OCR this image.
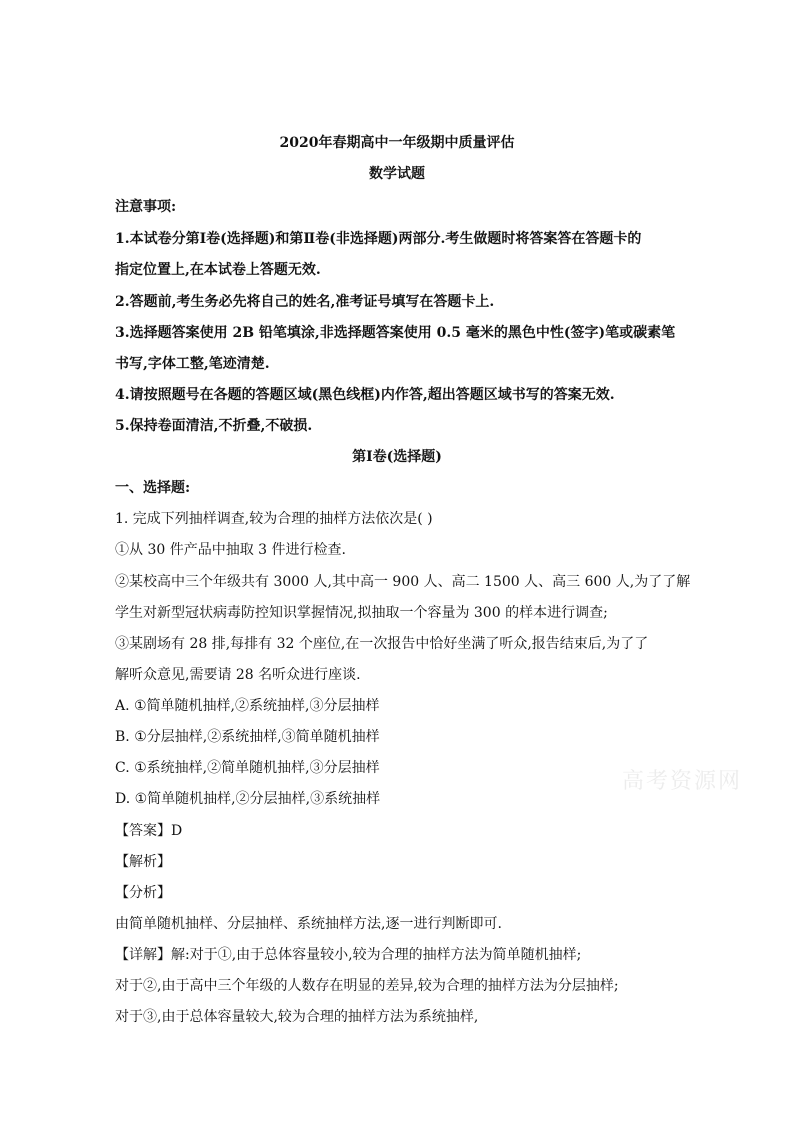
2020年春期高中一年级期中质量评估
数学试题
注意事项:
1.本试卷分第Ⅰ卷(选择题)和第Ⅱ卷(非选择题)两部分.考生做题时将答案答在答题卡的
指定位置上,在本试卷上答题无效.
2.答题前,考生务必先将自己的姓名,准考证号填写在答题卡上.
3.选择题答案使用 2B 铅笔填涂,非选择题答案使用 0.5 毫米的黑色中性(签字)笔或碳素笔
书写,字体工整,笔迹清楚.
4.请按照题号在各题的答题区域(黑色线框)内作答,超出答题区域书写的答案无效.
5.保持卷面清洁,不折叠,不破损.
第Ⅰ卷(选择题)
一、选择题:
1. 完成下列抽样调查,较为合理的抽样方法依次是( )
①从 30 件产品中抽取 3 件进行检查.
②某校高中三个年级共有 3000 人,其中高一 900 人、高二 1500 人、高三 600 人,为了了解
学生对新型冠状病毒防控知识掌握情况,拟抽取一个容量为 300 的样本进行调查;
③某剧场有 28 排,每排有 32 个座位,在一次报告中恰好坐满了听众,报告结束后,为了了
解听众意见,需要请 28 名听众进行座谈.
A. ①简单随机抽样,②系统抽样,③分层抽样
B. ①分层抽样,②系统抽样,③简单随机抽样
C. ①系统抽样,②简单随机抽样,③分层抽样
D. ①简单随机抽样,②分层抽样,③系统抽样
【答案】D
【解析】
【分析】
由简单随机抽样、分层抽样、系统抽样方法,逐一进行判断即可.
【详解】解:对于①,由于总体容量较小,较为合理的抽样方法为简单随机抽样;
对于②,由于高中三个年级的人数存在明显的差异,较为合理的抽样方法为分层抽样;
对于③,由于总体容量较大,较为合理的抽样方法为系统抽样,
高考资源网
